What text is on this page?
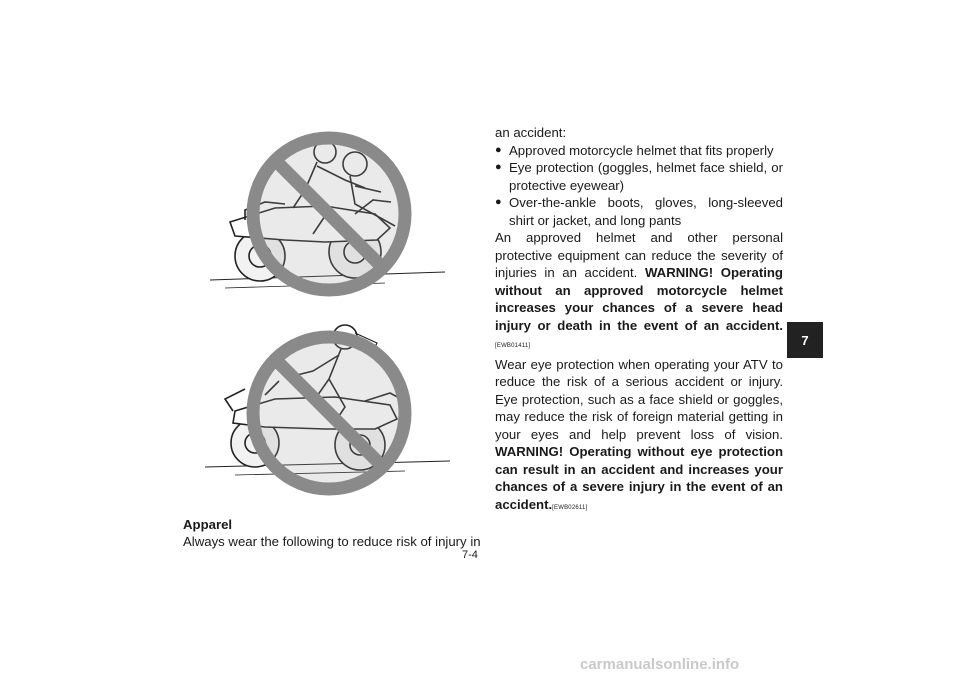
Apparel
Always wear the following to reduce risk of injury in

an accident:

● Approved motorcycle helmet that fits properly
● Eye protection (goggles, helmet face shield, or protective eyewear)
● Over-the-ankle boots, gloves, long-sleeved shirt or jacket, and long pants

An approved helmet and other personal protective equipment can reduce the severity of injuries in an accident. WARNING! Operating without an approved motorcycle helmet increases your chances of a severe head injury or death in the event of an accident.[EWB01411]

Wear eye protection when operating your ATV to reduce the risk of a serious accident or injury. Eye protection, such as a face shield or goggles, may reduce the risk of foreign material getting in your eyes and help prevent loss of vision. WARNING! Operating without eye protection can result in an accident and increases your chances of a severe injury in the event of an accident.[EWB02611]

7-4
7
carmanualsonline.info
